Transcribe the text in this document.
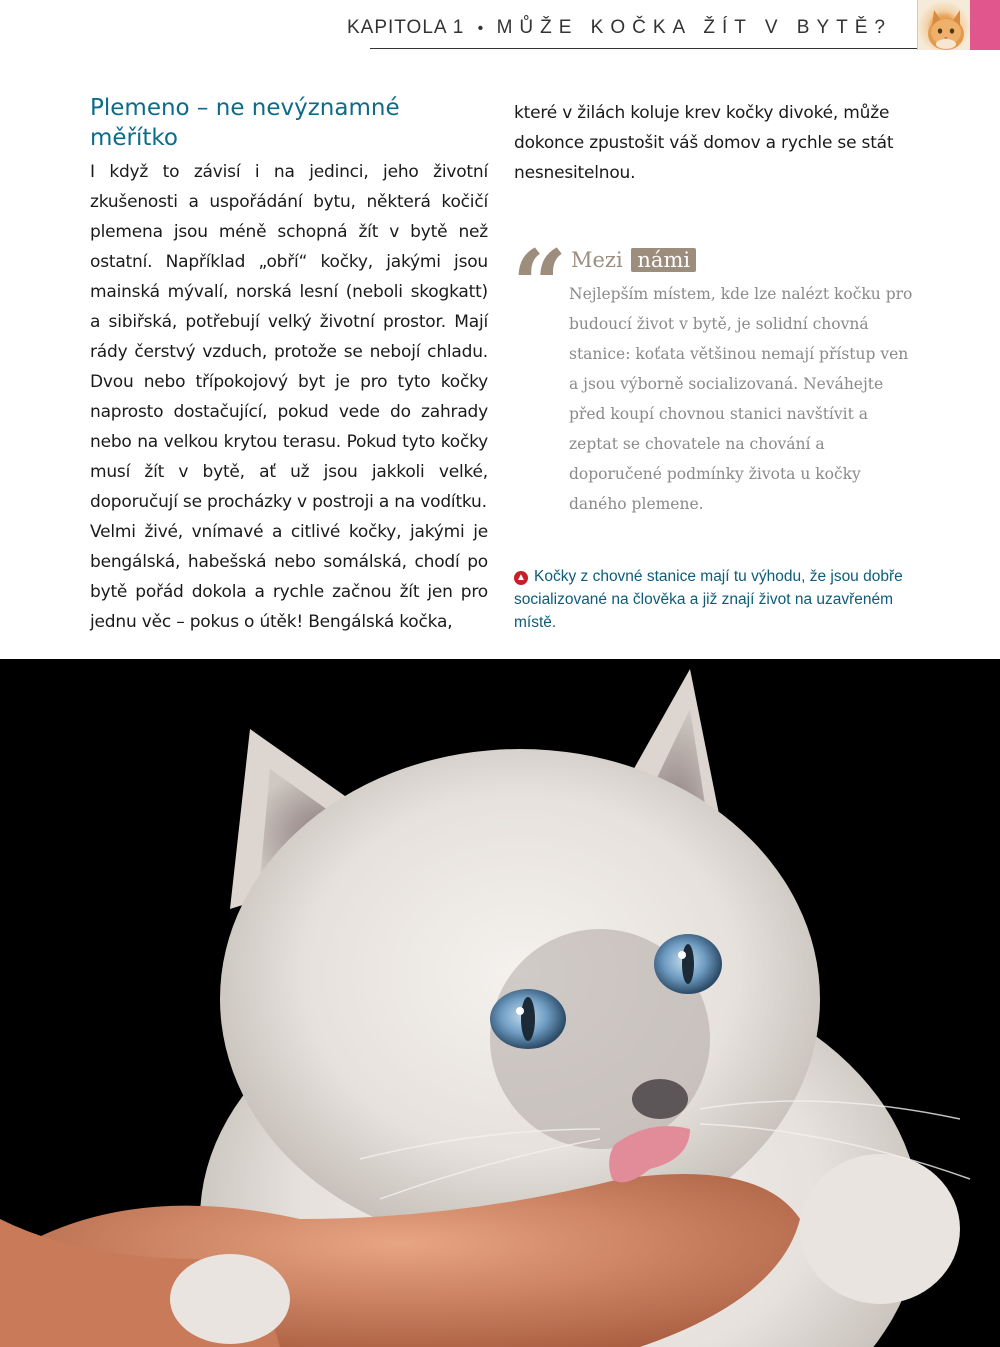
KAPITOLA 1 • MŮŽE KOČKA ŽÍT V BYTĚ?
Plemeno – ne nevýznamné měřítko

I když to závisí i na jedinci, jeho životní zkušenosti a uspořádání bytu, některá kočičí plemena jsou méně schopná žít v bytě než ostatní. Například „obří“ kočky, jakými jsou mainská mývalí, norská lesní (neboli skogkatt) a sibiřská, potřebují velký životní prostor. Mají rády čerstvý vzduch, protože se nebojí chladu. Dvou nebo třípokojový byt je pro tyto kočky naprosto dostačující, pokud vede do zahrady nebo na velkou krytou terasu. Pokud tyto kočky musí žít v bytě, ať už jsou jakkoli velké, doporučují se procházky v postroji a na vodítku.

Velmi živé, vnímavé a citlivé kočky, jakými je bengálská, habešská nebo somálská, chodí po bytě pořád dokola a rychle začnou žít jen pro jednu věc – pokus o útěk! Bengálská kočka,

které v žilách koluje krev kočky divoké, může dokonce zpustošit váš domov a rychle se stát nesnesitelnou.

“ Mezi námi

Nejlepším místem, kde lze nalézt kočku pro budoucí život v bytě, je solidní chovná stanice: koťata většinou nemají přístup ven a jsou výborně socializovaná. Neváhejte před koupí chovnou stanici navštívit a zeptat se chovatele na chování a doporučené podmínky života u kočky daného plemene.

▲ Kočky z chovné stanice mají tu výhodu, že jsou dobře socializované na člověka a již znají život na uzavřeném místě.
